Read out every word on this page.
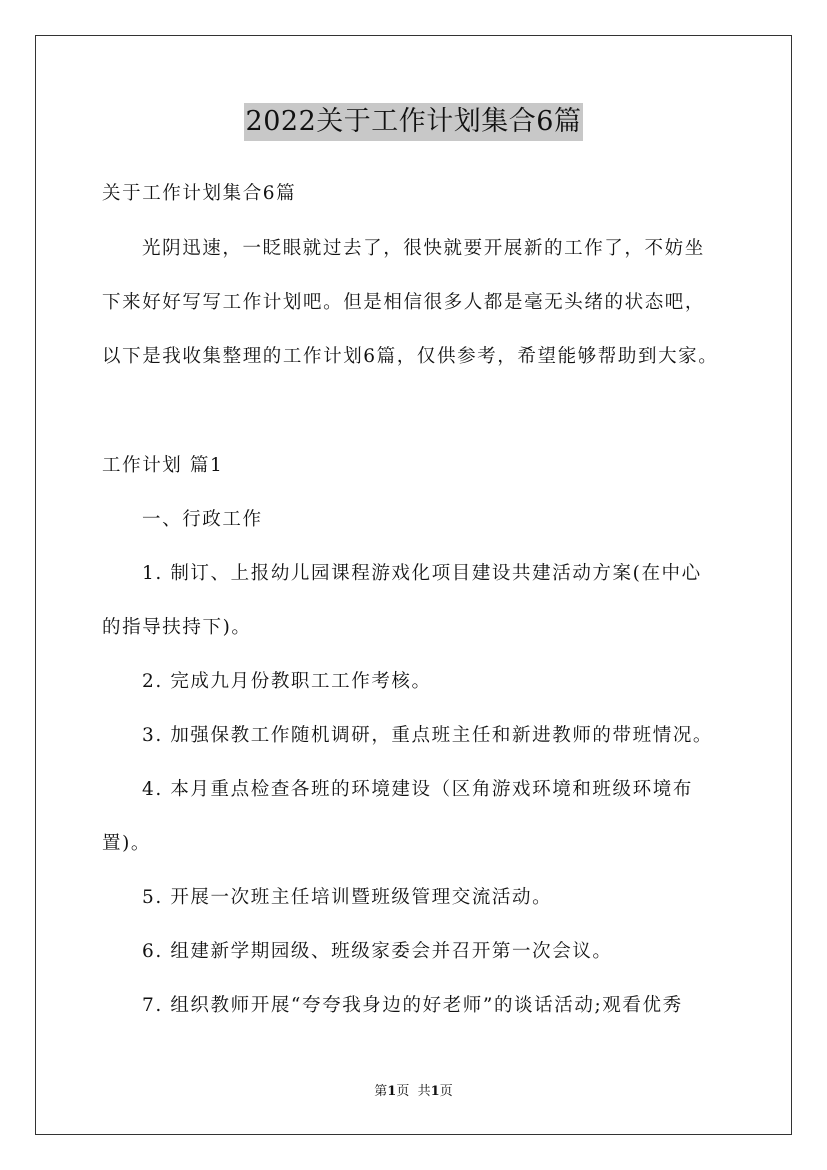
2022关于工作计划集合6篇
关于工作计划集合6篇
光阴迅速，一眨眼就过去了，很快就要开展新的工作了，不妨坐
下来好好写写工作计划吧。但是相信很多人都是毫无头绪的状态吧，
以下是我收集整理的工作计划6篇，仅供参考，希望能够帮助到大家。
工作计划 篇1
一、行政工作
1. 制订、上报幼儿园课程游戏化项目建设共建活动方案(在中心
的指导扶持下)。
2. 完成九月份教职工工作考核。
3. 加强保教工作随机调研，重点班主任和新进教师的带班情况。
4. 本月重点检查各班的环境建设（区角游戏环境和班级环境布
置)。
5. 开展一次班主任培训暨班级管理交流活动。
6. 组建新学期园级、班级家委会并召开第一次会议。
7. 组织教师开展“夸夸我身边的好老师”的谈话活动;观看优秀
第1页 共1页
